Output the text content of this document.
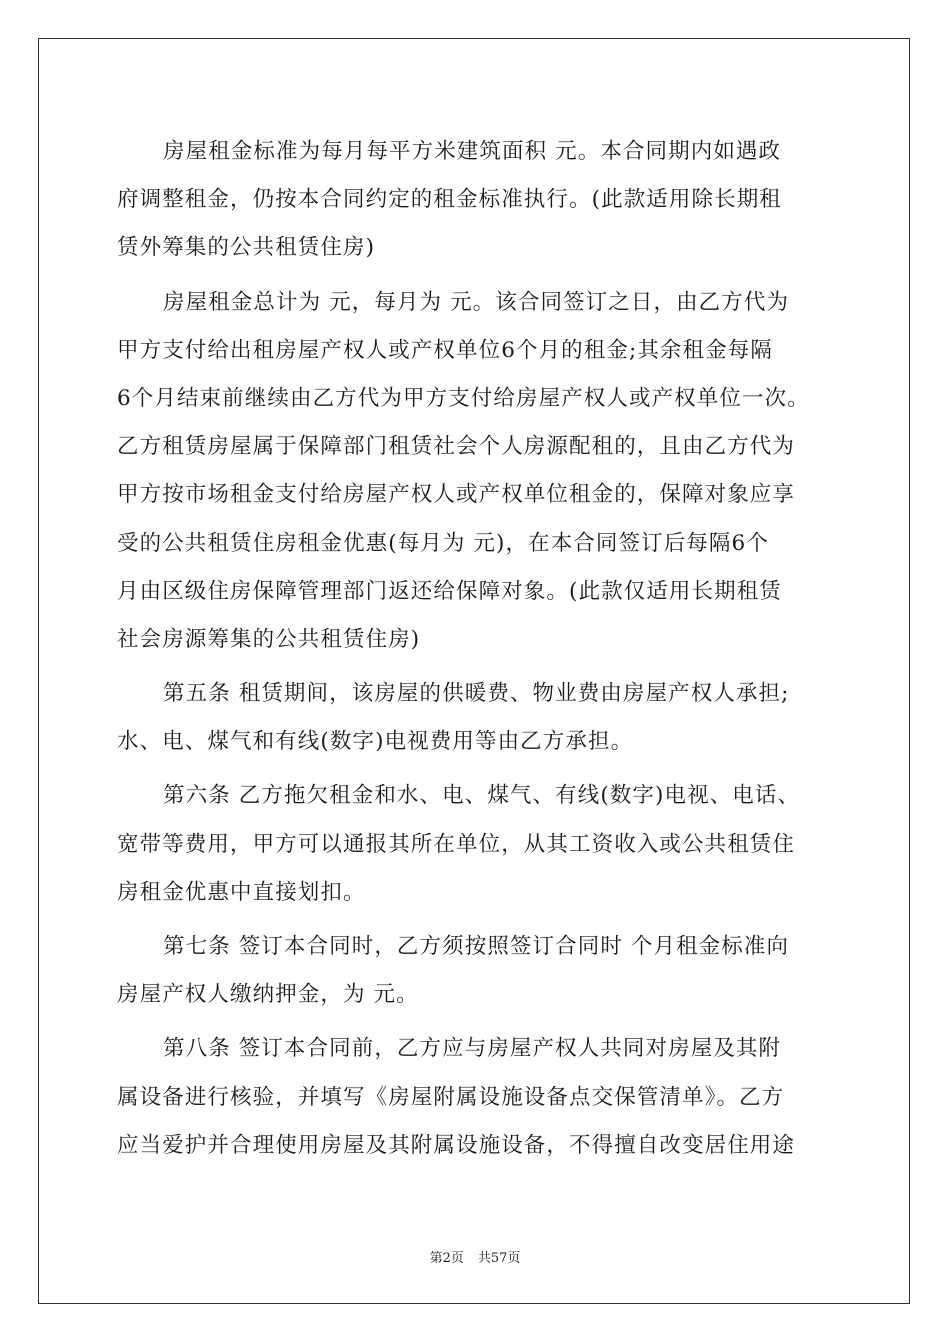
房屋租金标准为每月每平方米建筑面积 元。本合同期内如遇政
府调整租金，仍按本合同约定的租金标准执行。(此款适用除长期租
赁外筹集的公共租赁住房)
房屋租金总计为 元，每月为 元。该合同签订之日，由乙方代为
甲方支付给出租房屋产权人或产权单位6个月的租金;其余租金每隔
6个月结束前继续由乙方代为甲方支付给房屋产权人或产权单位一次。
乙方租赁房屋属于保障部门租赁社会个人房源配租的，且由乙方代为
甲方按市场租金支付给房屋产权人或产权单位租金的，保障对象应享
受的公共租赁住房租金优惠(每月为 元)，在本合同签订后每隔6个
月由区级住房保障管理部门返还给保障对象。(此款仅适用长期租赁
社会房源筹集的公共租赁住房)
第五条 租赁期间，该房屋的供暖费、物业费由房屋产权人承担;
水、电、煤气和有线(数字)电视费用等由乙方承担。
第六条 乙方拖欠租金和水、电、煤气、有线(数字)电视、电话、
宽带等费用，甲方可以通报其所在单位，从其工资收入或公共租赁住
房租金优惠中直接划扣。
第七条 签订本合同时，乙方须按照签订合同时 个月租金标准向
房屋产权人缴纳押金，为 元。
第八条 签订本合同前，乙方应与房屋产权人共同对房屋及其附
属设备进行核验，并填写《房屋附属设施设备点交保管清单》。乙方
应当爱护并合理使用房屋及其附属设施设备，不得擅自改变居住用途
第2页 共57页
